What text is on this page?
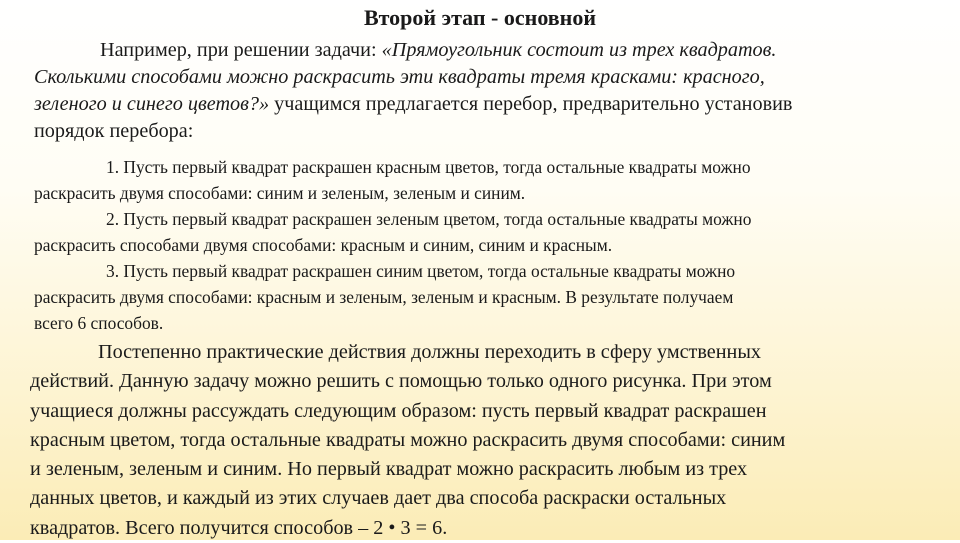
Второй этап - основной
Например, при решении задачи: «Прямоугольник состоит из трех квадратов.
Сколькими способами можно раскрасить эти квадраты тремя красками: красного,
зеленого и синего цветов?» учащимся предлагается перебор, предварительно установив
порядок перебора:
1. Пусть первый квадрат раскрашен красным цветов, тогда остальные квадраты можно
раскрасить двумя способами: синим и зеленым, зеленым и синим.
2. Пусть первый квадрат раскрашен зеленым цветом, тогда остальные квадраты можно
раскрасить способами двумя способами: красным и синим, синим и красным.
3. Пусть первый квадрат раскрашен синим цветом, тогда остальные квадраты можно
раскрасить двумя способами: красным и зеленым, зеленым и красным. В результате получаем
всего 6 способов.
Постепенно практические действия должны переходить в сферу умственных
действий. Данную задачу можно решить с помощью только одного рисунка. При этом
учащиеся должны рассуждать следующим образом: пусть первый квадрат раскрашен
красным цветом, тогда остальные квадраты можно раскрасить двумя способами: синим
и зеленым, зеленым и синим. Но первый квадрат можно раскрасить любым из трех
данных цветов, и каждый из этих случаев дает два способа раскраски остальных
квадратов. Всего получится способов – 2 • 3 = 6.
